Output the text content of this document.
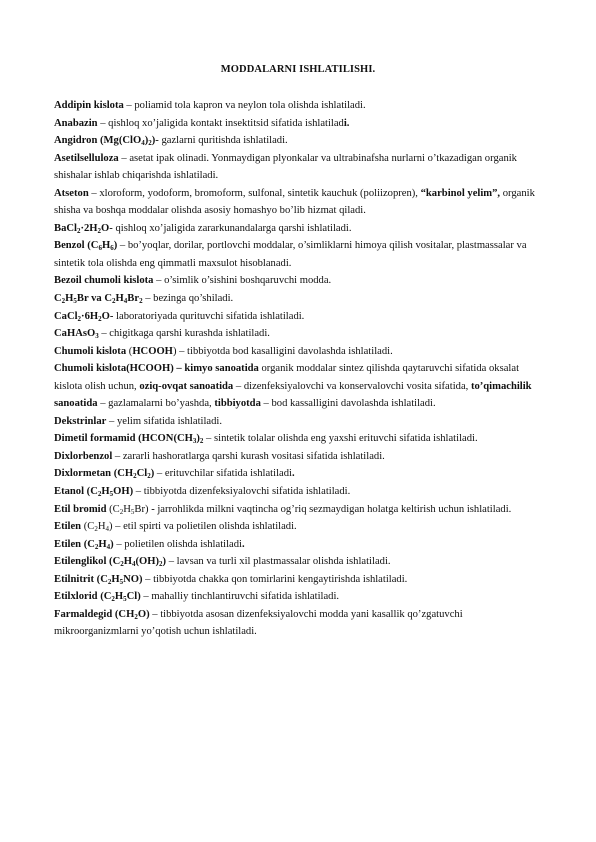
MODDALARNI ISHLATILISHI.

Addipin kislota – poliamid tola kapron va neylon tola olishda ishlatiladi.

Anabazin – qishloq xo’jaligida kontakt insektitsid sifatida ishlatiladi.

Angidron $(Mg(ClO_4)_2)-$ gazlarni quritishda ishlatiladi.

Asetilselluloza – asetat ipak olinadi. Yonmaydigan plyonkalar va ultrabinafsha nurlarni o’tkazadigan organik shishalar ishlab chiqarishda ishlatiladi.

Atseton – xloroform, yodoform, bromoform, sulfonal, sintetik kauchuk (poliizopren), “karbinol yelim”, organik shisha va boshqa moddalar olishda asosiy homashyo bo’lib hizmat qiladi.

$BaCl_2\cdot 2H_2O-$ qishloq xo’jaligida zararkunandalarga qarshi ishlatiladi.

Benzol $(C_6H_6)$ – bo’yoqlar, dorilar, portlovchi moddalar, o’simliklarni himoya qilish vositalar, plastmassalar va sintetik tola olishda eng qimmatli maxsulot hisoblanadi.

Bezoil chumoli kislota – o’simlik o’sishini boshqaruvchi modda.

$C_2H_5Br$ va $C_2H_4Br_2$ – bezinga qo’shiladi.

$CaCl_2\cdot 6H_2O-$ laboratoriyada qurituvchi sifatida ishlatiladi.

CaHAsO$_3$ – chigitkaga qarshi kurashda ishlatiladi.

Chumoli kislota (HCOOH) – tibbiyotda bod kasalligini davolashda ishlatiladi.

Chumoli kislota(HCOOH) – kimyo sanoatida organik moddalar sintez qilishda qaytaruvchi sifatida oksalat kislota olish uchun, oziq-ovqat sanoatida – dizenfeksiyalovchi va konservalovchi vosita sifatida, to’qimachilik sanoatida – gazlamalarni bo’yashda, tibbiyotda – bod kassalligini davolashda ishlatiladi.

Dekstrinlar – yelim sifatida ishlatiladi.

Dimetil formamid ($HCON(CH_3)_2$ – sintetik tolalar olishda eng yaxshi erituvchi sifatida ishlatiladi.

Dixlorbenzol – zararli hashoratlarga qarshi kurash vositasi sifatida ishlatiladi.

Dixlormetan $(CH_2Cl_2)$ – erituvchilar sifatida ishlatiladi.

Etanol $(C_2H_5OH)$ – tibbiyotda dizenfeksiyalovchi sifatida ishlatiladi.

Etil bromid $(C_2H_5Br)$ - jarrohlikda milkni vaqtincha og’riq sezmaydigan holatga keltirish uchun ishlatiladi.

Etilen $(C_2H_4)$ – etil spirti va polietilen olishda ishlatiladi.

Etilen $(C_2H_4)$ – polietilen olishda ishlatiladi.

Etilenglikol $(C_2H_4(OH)_2)$ – lavsan va turli xil plastmassalar olishda ishlatiladi.

Etilnitrit $(C_2H_5NO)$ – tibbiyotda chakka qon tomirlarini kengaytirishda ishlatiladi.

Etilxlorid $(C_2H_5Cl)$ – mahalliy tinchlantiruvchi sifatida ishlatiladi.

Farmaldegid $(CH_2O)$ – tibbiyotda asosan dizenfeksiyalovchi modda yani kasallik qo’zgatuvchi mikroorganizmlarni yo’qotish uchun ishlatiladi.
